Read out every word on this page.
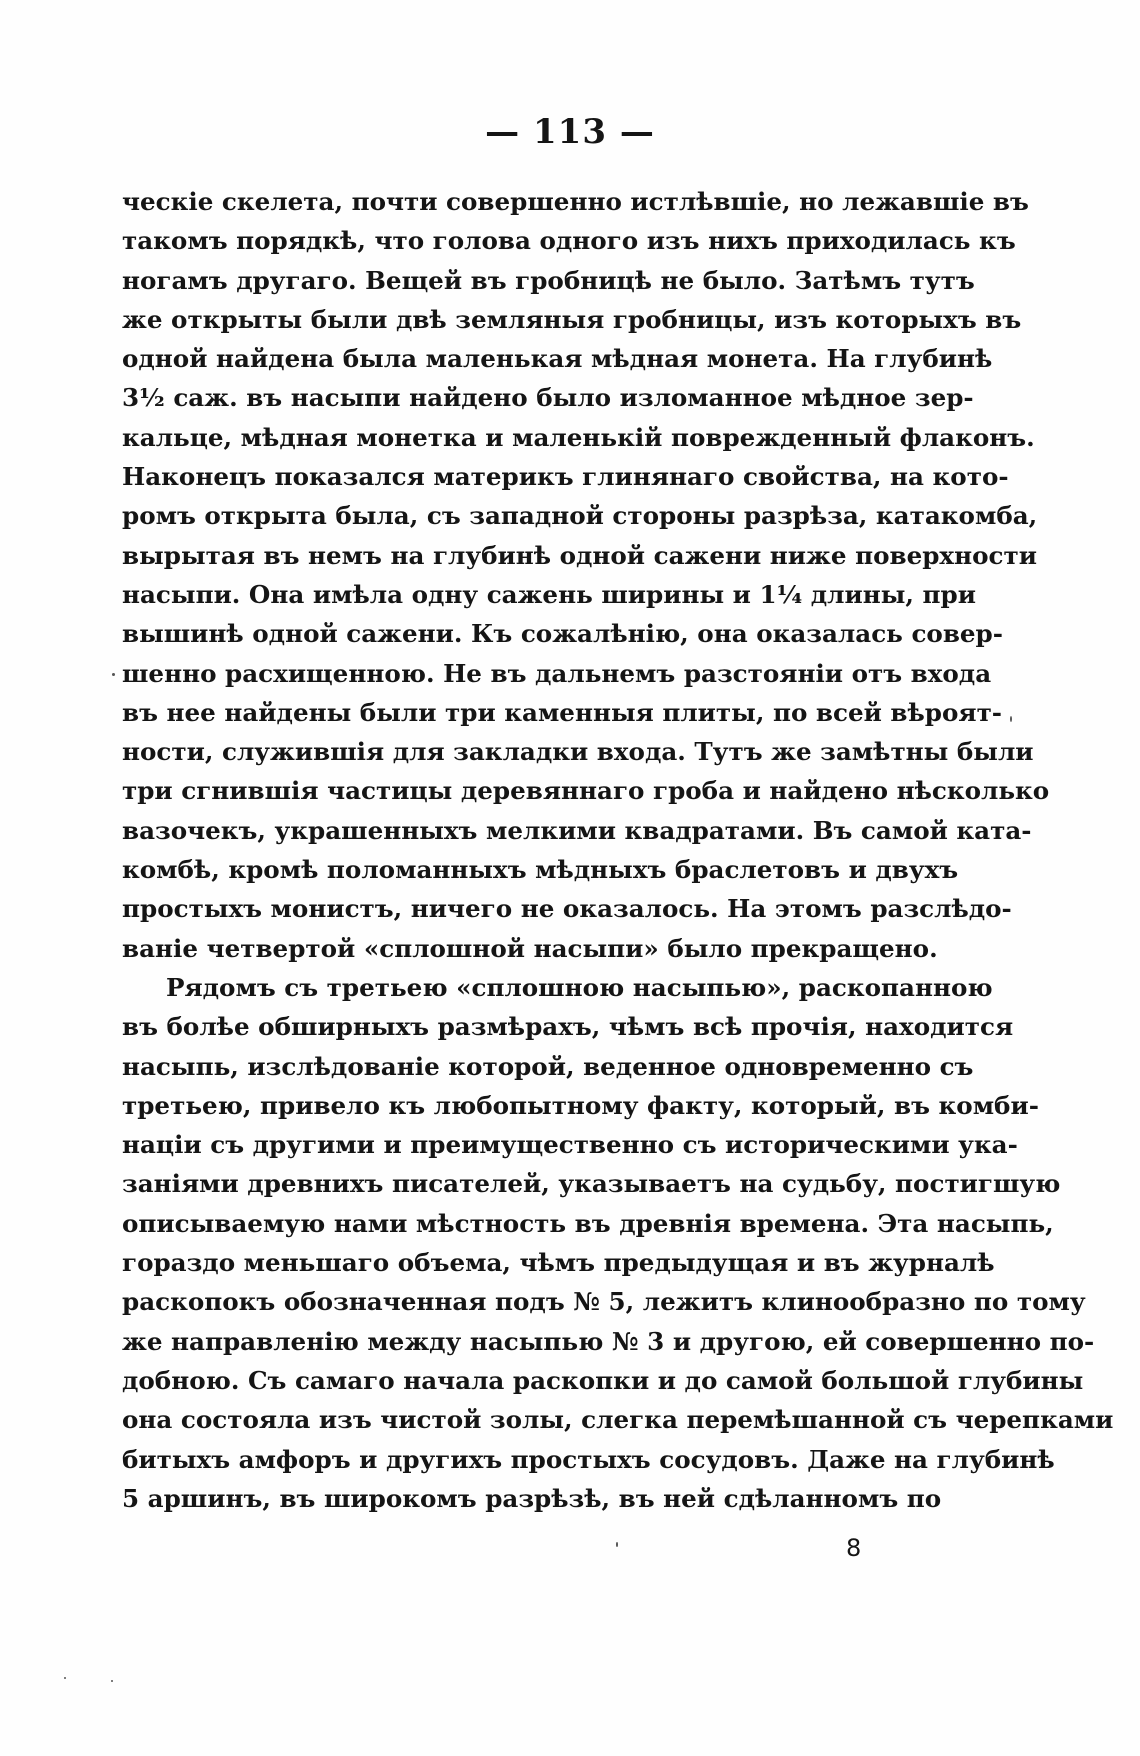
— 113 —
ческіе скелета, почти совершенно истлѣвшіе, но лежавшіе въ
такомъ порядкѣ, что голова одного изъ нихъ приходилась къ
ногамъ другаго. Вещей въ гробницѣ не было. Затѣмъ тутъ
же открыты были двѣ земляныя гробницы, изъ которыхъ въ
одной найдена была маленькая мѣдная монета. На глубинѣ
3½ саж. въ насыпи найдено было изломанное мѣдное зер-
кальце, мѣдная монетка и маленькій поврежденный флаконъ.
Наконецъ показался материкъ глинянаго свойства, на кото-
ромъ открыта была, съ западной стороны разрѣза, катакомба,
вырытая въ немъ на глубинѣ одной сажени ниже поверхности
насыпи. Она имѣла одну сажень ширины и 1¼ длины, при
вышинѣ одной сажени. Къ сожалѣнію, она оказалась совер-
шенно расхищенною. Не въ дальнемъ разстояніи отъ входа
въ нее найдены были три каменныя плиты, по всей вѣроят-
ности, служившія для закладки входа. Тутъ же замѣтны были
три сгнившія частицы деревяннаго гроба и найдено нѣсколько
вазочекъ, украшенныхъ мелкими квадратами. Въ самой ката-
комбѣ, кромѣ поломанныхъ мѣдныхъ браслетовъ и двухъ
простыхъ монистъ, ничего не оказалось. На этомъ разслѣдо-
ваніе четвертой «сплошной насыпи» было прекращено.
Рядомъ съ третьею «сплошною насыпью», раскопанною
въ болѣе обширныхъ размѣрахъ, чѣмъ всѣ прочія, находится
насыпь, изслѣдованіе которой, веденное одновременно съ
третьею, привело къ любопытному факту, который, въ комби-
націи съ другими и преимущественно съ историческими ука-
заніями древнихъ писателей, указываетъ на судьбу, постигшую
описываемую нами мѣстность въ древнія времена. Эта насыпь,
гораздо меньшаго объема, чѣмъ предыдущая и въ журналѣ
раскопокъ обозначенная подъ № 5, лежитъ клинообразно по тому
же направленію между насыпью № 3 и другою, ей совершенно по-
добною. Съ самаго начала раскопки и до самой большой глубины
она состояла изъ чистой золы, слегка перемѣшанной съ черепками
битыхъ амфоръ и другихъ простыхъ сосудовъ. Даже на глубинѣ
5 аршинъ, въ широкомъ разрѣзѣ, въ ней сдѣланномъ по
8
